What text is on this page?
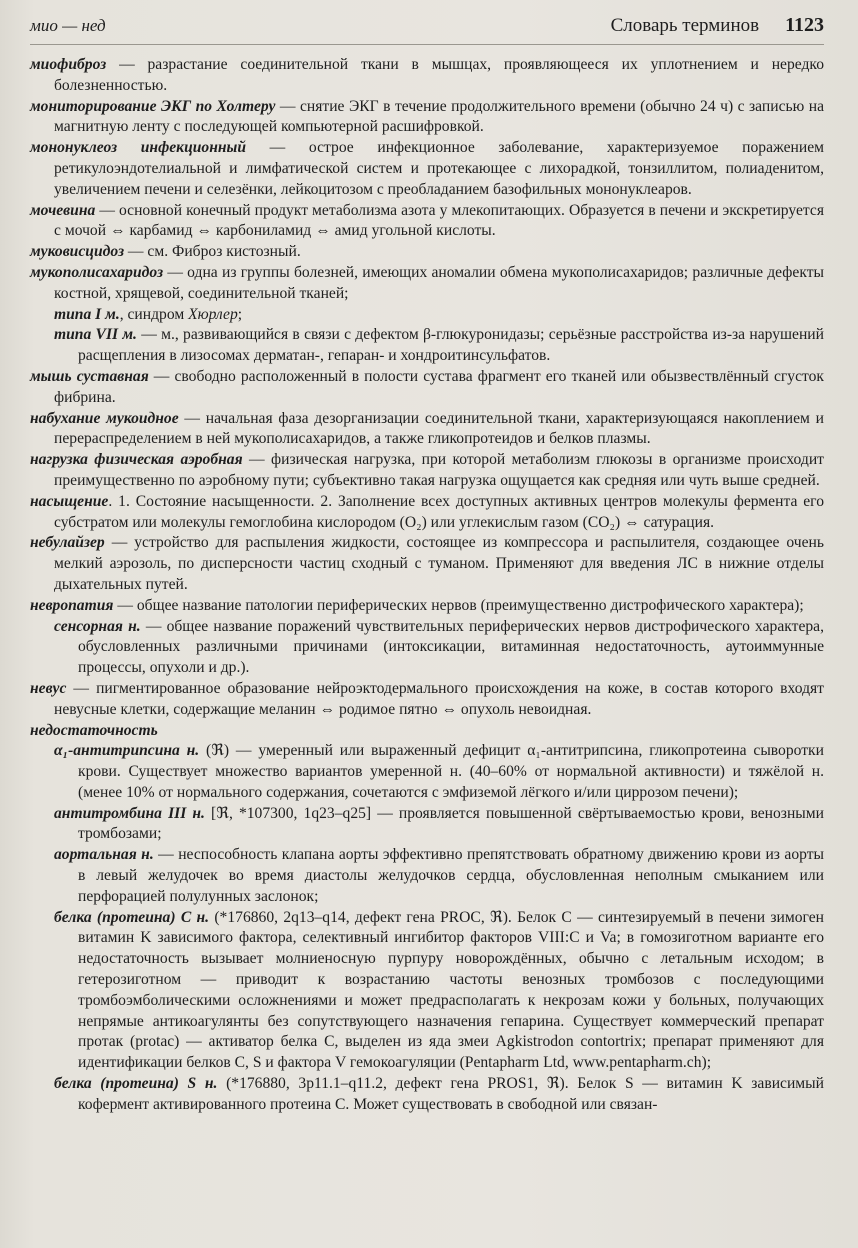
мио — нед	Словарь терминов 1123

миофиброз — разрастание соединительной ткани в мышцах, проявляющееся их уплотнением и нередко болезненностью.

мониторирование ЭКГ по Холтеру — снятие ЭКГ в течение продолжительного времени (обычно 24 ч) с записью на магнитную ленту с последующей компьютерной расшифровкой.

мононуклеоз инфекционный — острое инфекционное заболевание, характеризуемое поражением ретикулоэндотелиальной и лимфатической систем и протекающее с лихорадкой, тонзиллитом, полиаденитом, увеличением печени и селезёнки, лейкоцитозом с преобладанием базофильных мононуклеаров.

мочевина — основной конечный продукт метаболизма азота у млекопитающих. Образуется в печени и экскретируется с мочой ⇔ карбамид ⇔ карбониламид ⇔ амид угольной кислоты.

муковисцидоз — см. Фиброз кистозный.

мукополисахаридоз — одна из группы болезней, имеющих аномалии обмена мукополисахаридов; различные дефекты костной, хрящевой, соединительной тканей;

типа I м., синдром Хюрлер;

типа VII м. — м., развивающийся в связи с дефектом β-глюкуронидазы; серьёзные расстройства из-за нарушений расщепления в лизосомах дерматан-, гепаран- и хондроитинсульфатов.

мышь суставная — свободно расположенный в полости сустава фрагмент его тканей или обызвествлённый сгусток фибрина.

набухание мукоидное — начальная фаза дезорганизации соединительной ткани, характеризующаяся накоплением и перераспределением в ней мукополисахаридов, а также гликопротеидов и белков плазмы.

нагрузка физическая аэробная — физическая нагрузка, при которой метаболизм глюкозы в организме происходит преимущественно по аэробному пути; субъективно такая нагрузка ощущается как средняя или чуть выше средней.

насыщение. 1. Состояние насыщенности. 2. Заполнение всех доступных активных центров молекулы фермента его субстратом или молекулы гемоглобина кислородом (O₂) или углекислым газом (CO₂) ⇔ сатурация.

небулайзер — устройство для распыления жидкости, состоящее из компрессора и распылителя, создающее очень мелкий аэрозоль, по дисперсности частиц сходный с туманом. Применяют для введения ЛС в нижние отделы дыхательных путей.

невропатия — общее название патологии периферических нервов (преимущественно дистрофического характера);

сенсорная н. — общее название поражений чувствительных периферических нервов дистрофического характера, обусловленных различными причинами (интоксикации, витаминная недостаточность, аутоиммунные процессы, опухоли и др.).

невус — пигментированное образование нейроэктодермального происхождения на коже, в состав которого входят невусные клетки, содержащие меланин ⇔ родимое пятно ⇔ опухоль невоидная.

недостаточность

α₁-антитрипсина н. (ℜ) — умеренный или выраженный дефицит α₁-антитрипсина, гликопротеина сыворотки крови. Существует множество вариантов умеренной н. (40–60% от нормальной активности) и тяжёлой н. (менее 10% от нормального содержания, сочетаются с эмфиземой лёгкого и/или циррозом печени);

антитромбина III н. [ℜ, *107300, 1q23–q25] — проявляется повышенной свёртываемостью крови, венозными тромбозами;

аортальная н. — неспособность клапана аорты эффективно препятствовать обратному движению крови из аорты в левый желудочек во время диастолы желудочков сердца, обусловленная неполным смыканием или перфорацией полулунных заслонок;

белка (протеина) C н. (*176860, 2q13–q14, дефект гена PROC, ℜ). Белок C — синтезируемый в печени зимоген витамин K зависимого фактора, селективный ингибитор факторов VIII:C и Va; в гомозиготном варианте его недостаточность вызывает молниеносную пурпуру новорождённых, обычно с летальным исходом; в гетерозиготном — приводит к возрастанию частоты венозных тромбозов с последующими тромбоэмболическими осложнениями и может предрасполагать к некрозам кожи у больных, получающих непрямые антикоагулянты без сопутствующего назначения гепарина. Существует коммерческий препарат протак (protac) — активатор белка C, выделен из яда змеи Agkistrodon contortrix; препарат применяют для идентификации белков C, S и фактора V гемокоагуляции (Pentapharm Ltd, www.pentapharm.ch);

белка (протеина) S н. (*176880, 3p11.1–q11.2, дефект гена PROS1, ℜ). Белок S — витамин K зависимый кофермент активированного протеина C. Может существовать в свободной или связан-
